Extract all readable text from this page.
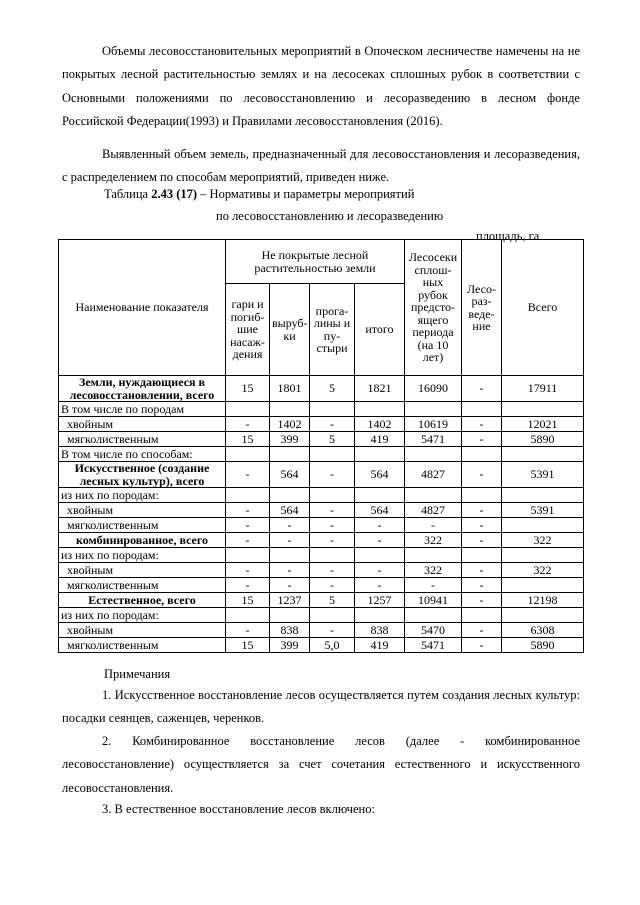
Объемы лесовосстановительных мероприятий в Опоческом лесничестве намечены на не покрытых лесной растительностью землях и на лесосеках сплошных рубок в соответствии с Основными положениями по лесовосстановлению и лесоразведению в лесном фонде Российской Федерации(1993) и Правилами лесовосстановления (2016).

Выявленный объем земель, предназначенный для лесовосстановления и лесоразведения, с распределением по способам мероприятий, приведен ниже.

Таблица 2.43 (17) – Нормативы и параметры мероприятий
по лесовосстановлению и лесоразведению
площадь, га
Наименование показателя	Не покрытые лесной растительностью земли				Лесосеки сплош-ных рубок предсто-ящего периода (на 10 лет)	Лесо-раз-веде-ние	Всего
	гари и погиб-шие насаж-дения	выруб-ки	прога-лины и пу-стыри	итого			
Земли, нуждающиеся в лесовосстановлении, всего	15	1801	5	1821	16090	-	17911
В том числе по породам							
хвойным	-	1402	-	1402	10619	-	12021
мягколиственным	15	399	5	419	5471	-	5890
В том числе по способам:							
Искусственное (создание лесных культур), всего	-	564	-	564	4827	-	5391
из них по породам:							
хвойным	-	564	-	564	4827	-	5391
мягколиственным	-	-	-	-	-	-	
комбинированное, всего	-	-	-	-	322	-	322
из них по породам:							
хвойным	-	-	-	-	322	-	322
мягколиственным	-	-	-	-	-	-	
Естественное, всего	15	1237	5	1257	10941	-	12198
из них по породам:							
хвойным	-	838	-	838	5470	-	6308
мягколиственным	15	399	5,0	419	5471	-	5890
Примечания

1. Искусственное восстановление лесов осуществляется путем создания лесных культур: посадки сеянцев, саженцев, черенков.

2. Комбинированное восстановление лесов (далее - комбинированное лесовосстановление) осуществляется за счет сочетания естественного и искусственного лесовосстановления.

3. В естественное восстановление лесов включено:
